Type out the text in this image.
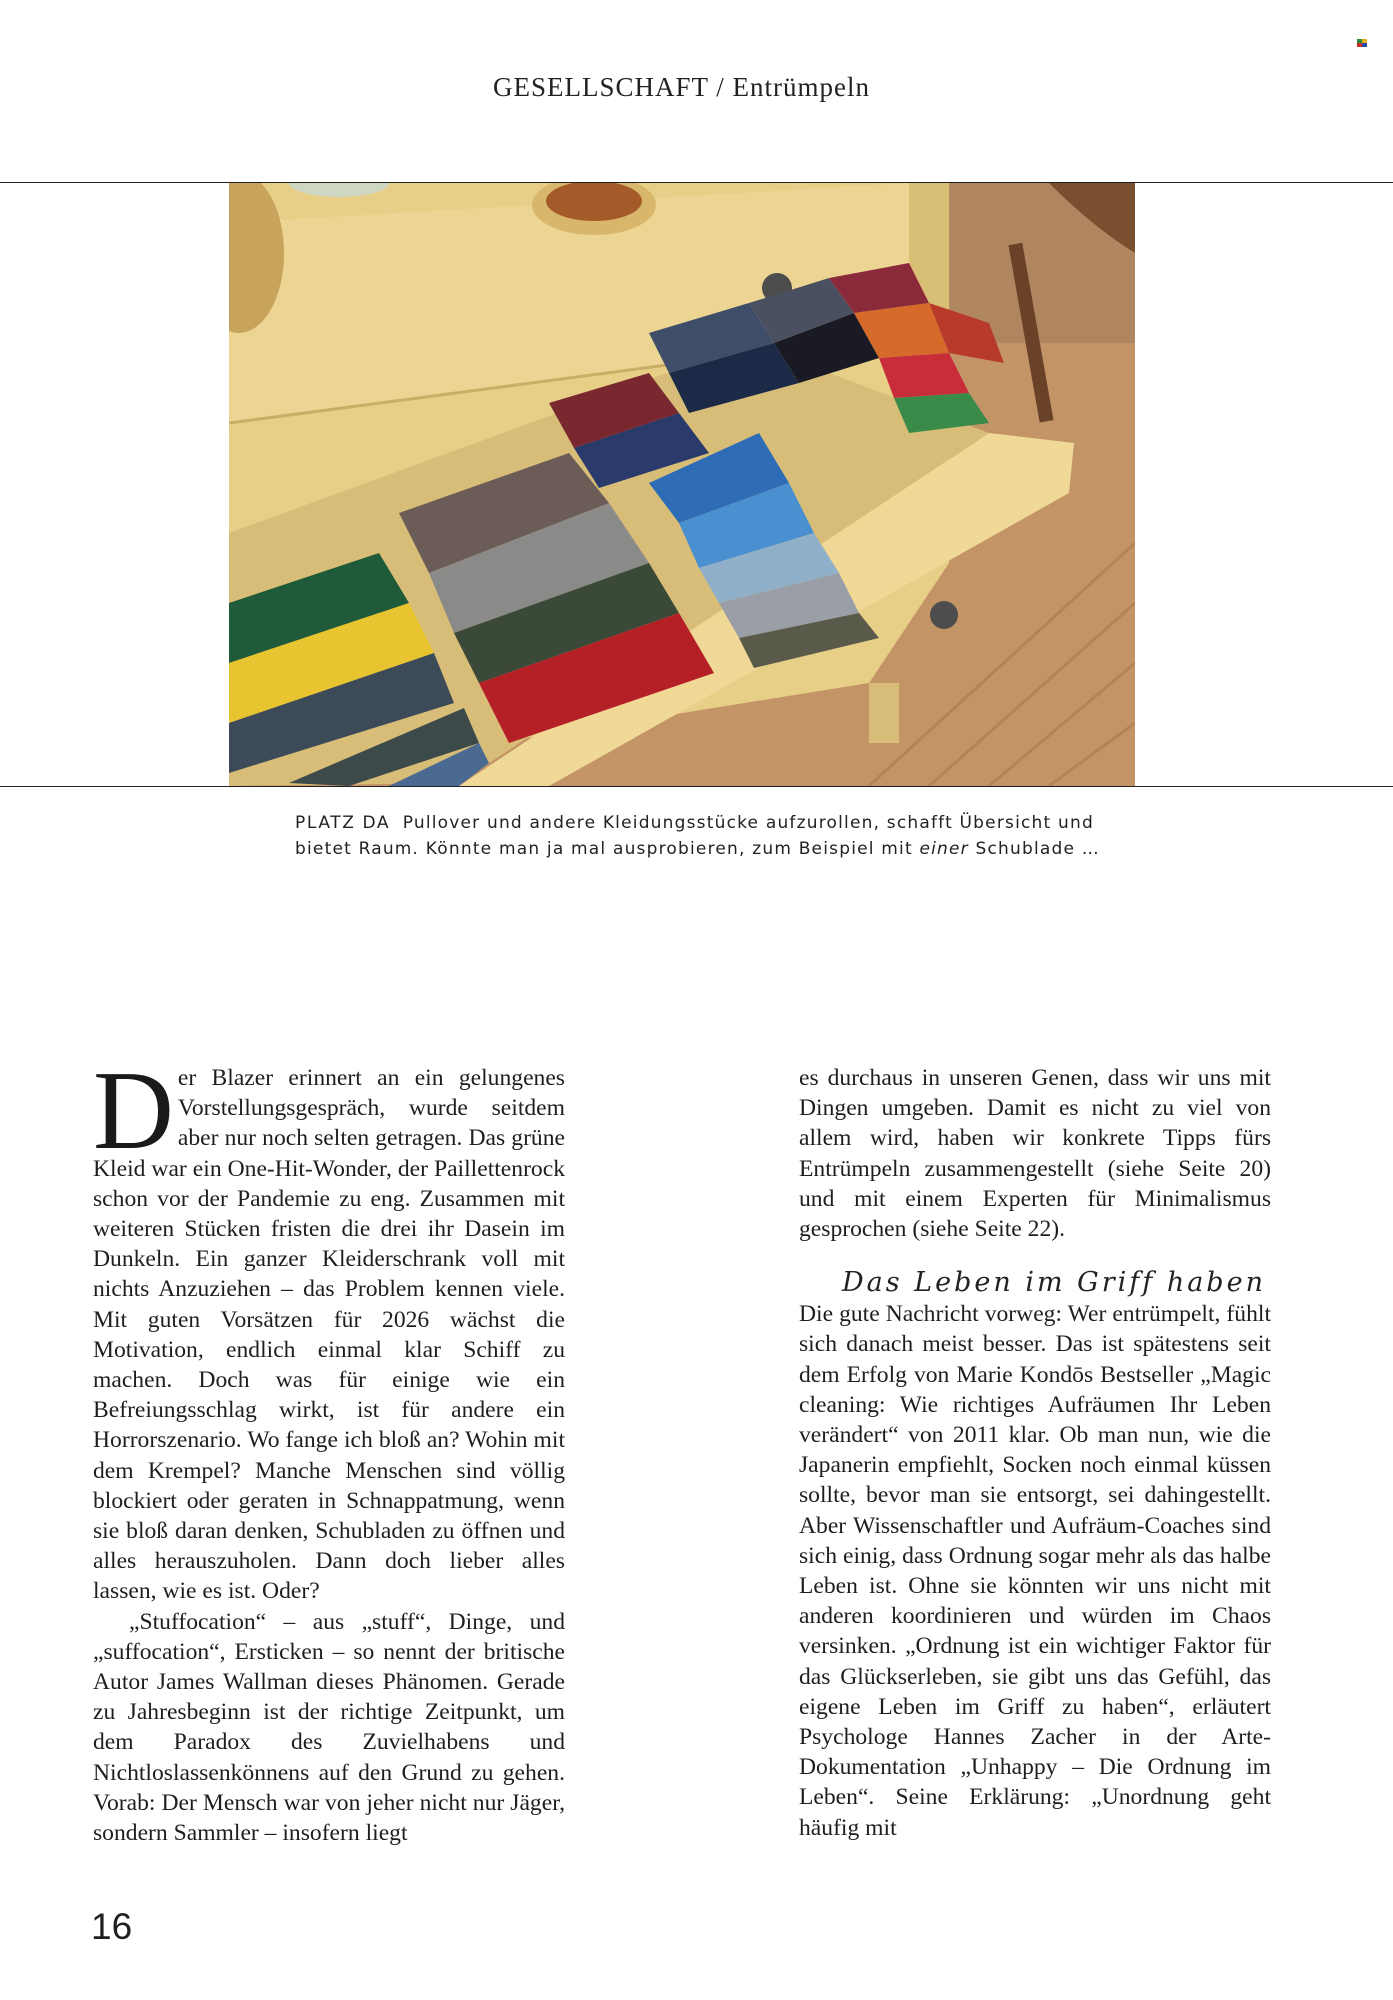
GESELLSCHAFT / Entrümpeln
PLATZ DA Pullover und andere Kleidungsstücke aufzurollen, schafft Übersicht und bietet Raum. Könnte man ja mal ausprobieren, zum Beispiel mit einer Schublade …

Der Blazer erinnert an ein gelungenes Vorstellungsgespräch, wurde seitdem aber nur noch selten getragen. Das grüne Kleid war ein One-Hit-Wonder, der Paillettenrock schon vor der Pandemie zu eng. Zusammen mit weiteren Stücken fristen die drei ihr Dasein im Dunkeln. Ein ganzer Kleiderschrank voll mit nichts Anzuziehen – das Problem kennen viele. Mit guten Vorsätzen für 2026 wächst die Motivation, endlich einmal klar Schiff zu machen. Doch was für einige wie ein Befreiungsschlag wirkt, ist für andere ein Horrorszenario. Wo fange ich bloß an? Wohin mit dem Krempel? Manche Menschen sind völlig blockiert oder geraten in Schnappatmung, wenn sie bloß daran denken, Schubladen zu öffnen und alles herauszuholen. Dann doch lieber alles lassen, wie es ist. Oder?

„Stuffocation“ – aus „stuff“, Dinge, und „suffocation“, Ersticken – so nennt der britische Autor James Wallman dieses Phänomen. Gerade zu Jahresbeginn ist der richtige Zeitpunkt, um dem Paradox des Zuvielhabens und Nichtloslassenkönnens auf den Grund zu gehen. Vorab: Der Mensch war von jeher nicht nur Jäger, sondern Sammler – insofern liegt

es durchaus in unseren Genen, dass wir uns mit Dingen umgeben. Damit es nicht zu viel von allem wird, haben wir konkrete Tipps fürs Entrümpeln zusammengestellt (siehe Seite 20) und mit einem Experten für Minimalismus gesprochen (siehe Seite 22).

Das Leben im Griff haben

Die gute Nachricht vorweg: Wer entrümpelt, fühlt sich danach meist besser. Das ist spätestens seit dem Erfolg von Marie Kondōs Bestseller „Magic cleaning: Wie richtiges Aufräumen Ihr Leben verändert“ von 2011 klar. Ob man nun, wie die Japanerin empfiehlt, Socken noch einmal küssen sollte, bevor man sie entsorgt, sei dahingestellt. Aber Wissenschaftler und Aufräum-Coaches sind sich einig, dass Ordnung sogar mehr als das halbe Leben ist. Ohne sie könnten wir uns nicht mit anderen koordinieren und würden im Chaos versinken. „Ordnung ist ein wichtiger Faktor für das Glückserleben, sie gibt uns das Gefühl, das eigene Leben im Griff zu haben“, erläutert Psychologe Hannes Zacher in der Arte-Dokumentation „Unhappy – Die Ordnung im Leben“. Seine Erklärung: „Unordnung geht häufig mit

16
